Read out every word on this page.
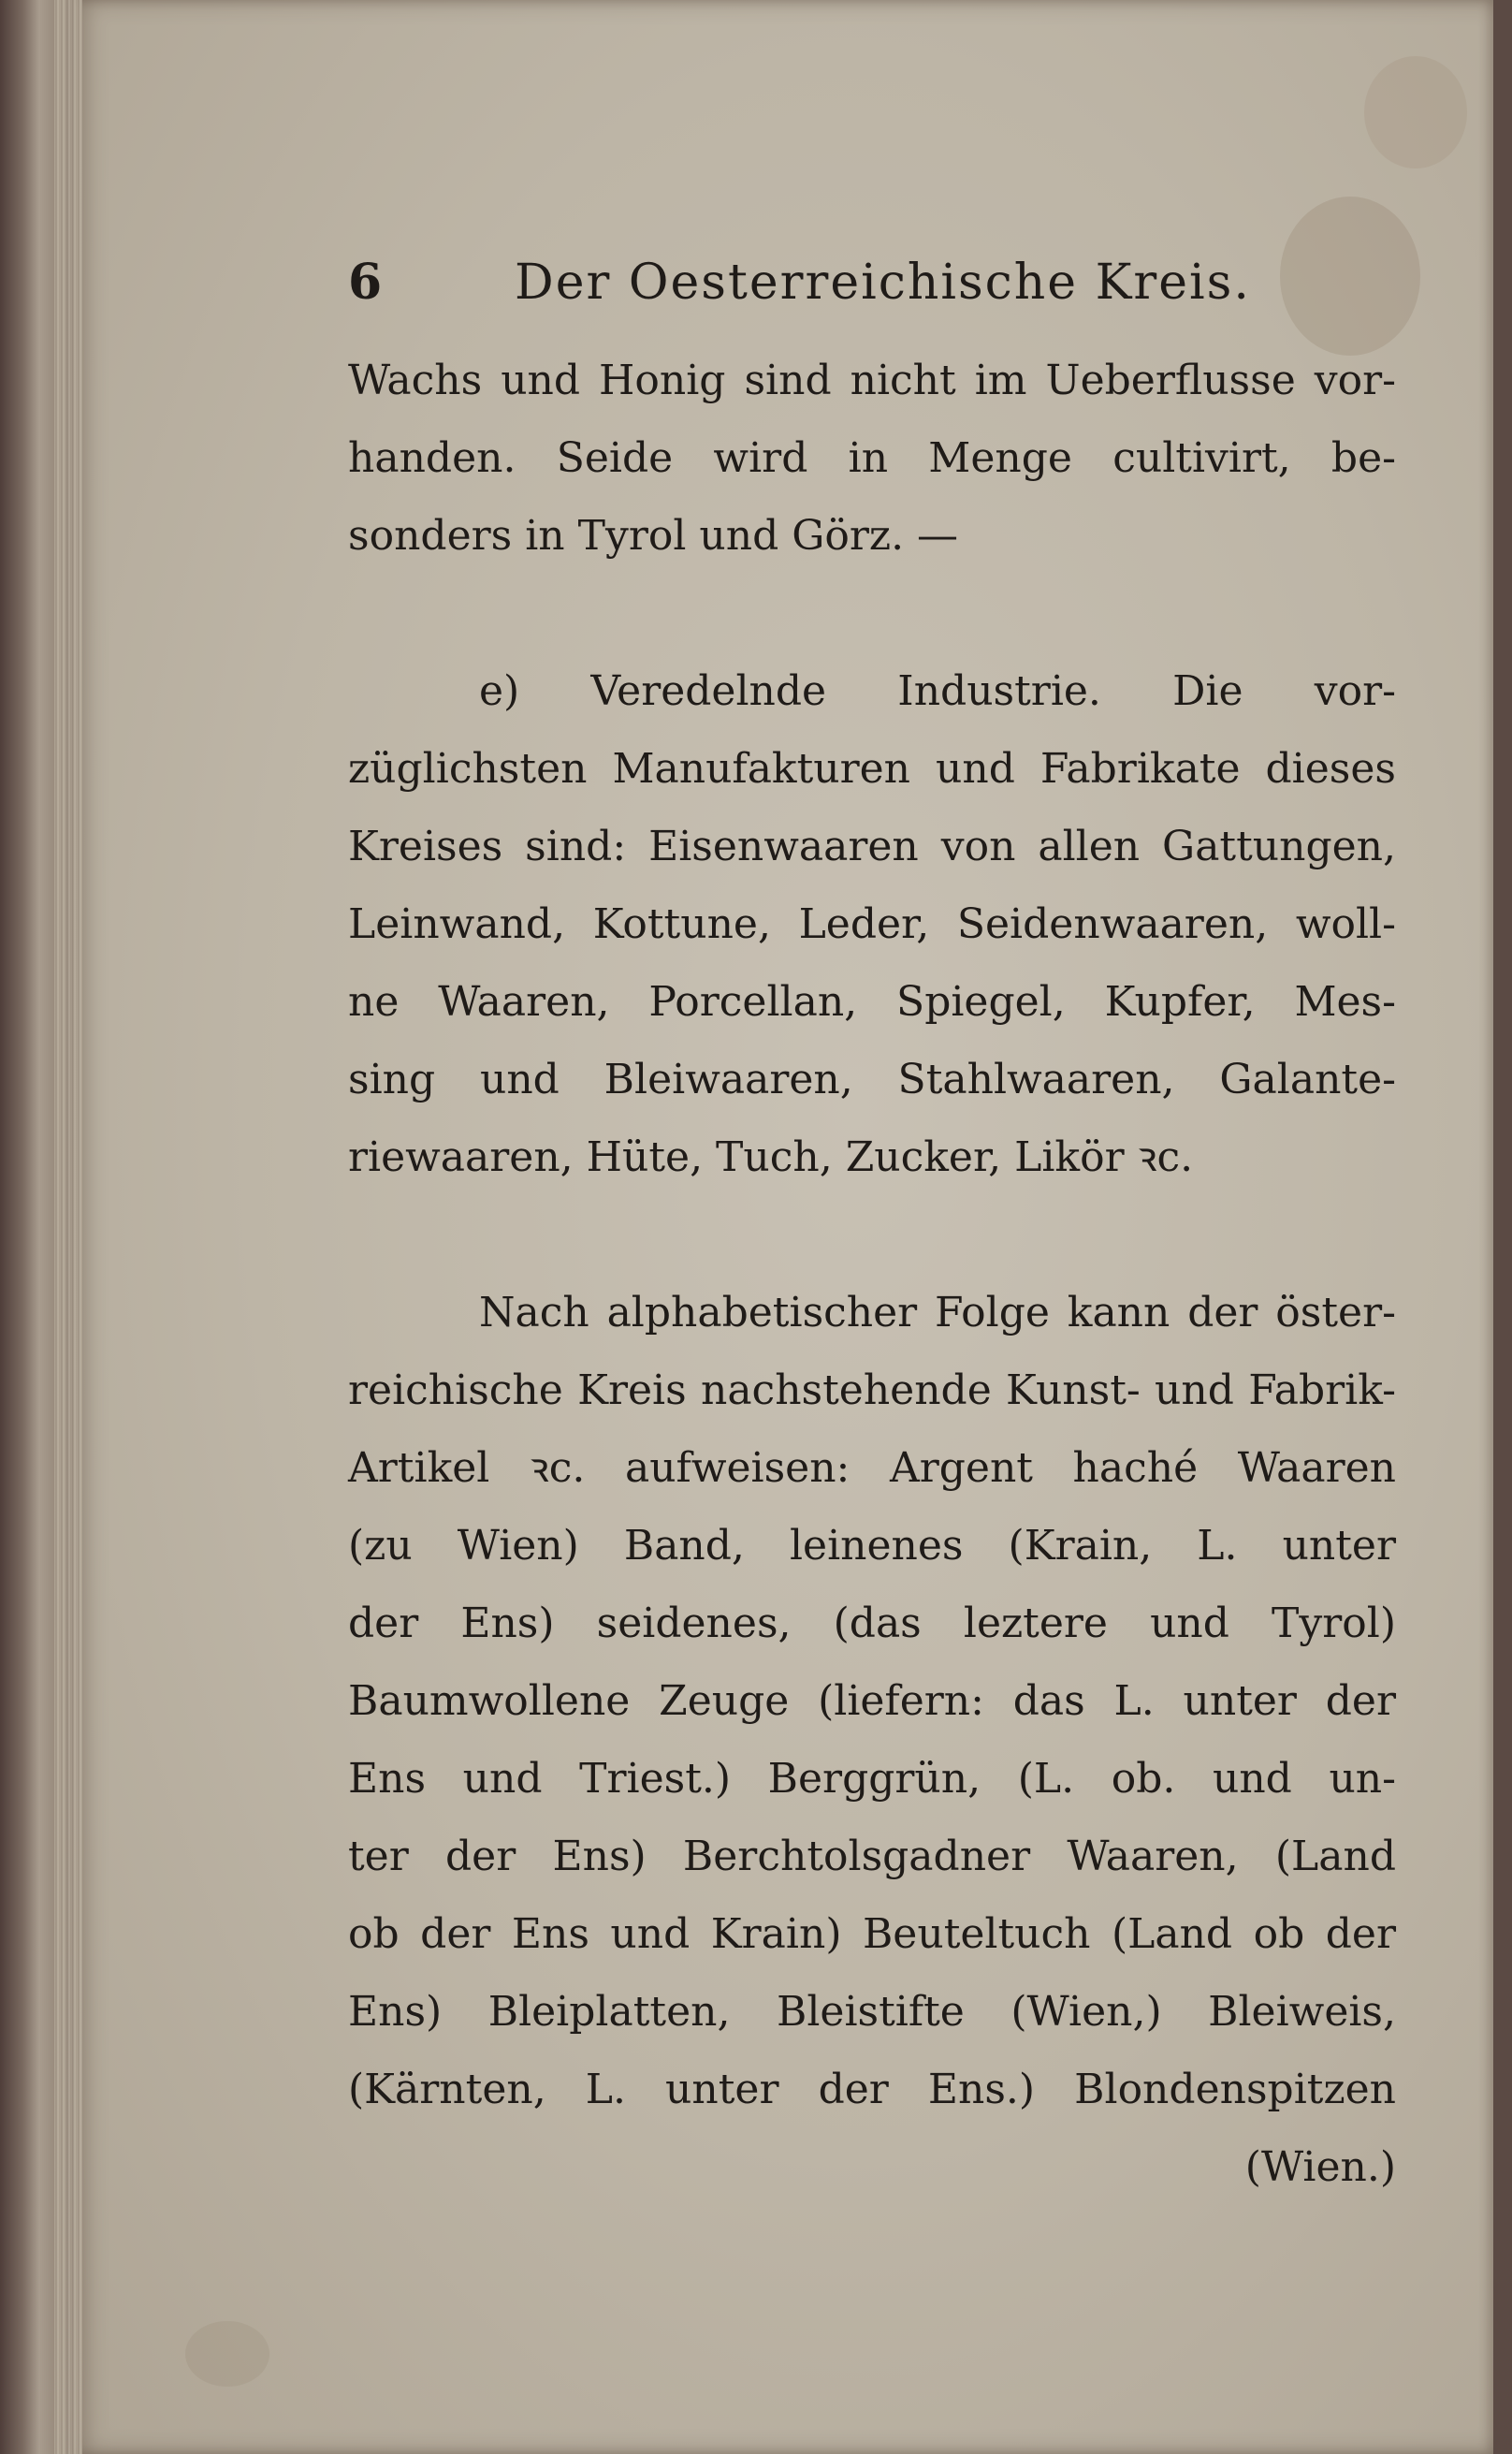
6	Der Oesterreichische Kreis.
Wachs und Honig sind nicht im Ueberflusse vor-
handen. Seide wird in Menge cultivirt, be-
sonders in Tyrol und Görz. —
e) Veredelnde Industrie. Die vor-
züglichsten Manufakturen und Fabrikate dieses
Kreises sind: Eisenwaaren von allen Gattungen,
Leinwand, Kottune, Leder, Seidenwaaren, woll-
ne Waaren, Porcellan, Spiegel, Kupfer, Mes-
sing und Bleiwaaren, Stahlwaaren, Galante-
riewaaren, Hüte, Tuch, Zucker, Likör ꝛc.
Nach alphabetischer Folge kann der öster-
reichische Kreis nachstehende Kunst- und Fabrik-
Artikel ꝛc. aufweisen: Argent haché Waaren
(zu Wien) Band, leinenes (Krain, L. unter
der Ens) seidenes, (das leztere und Tyrol)
Baumwollene Zeuge (liefern: das L. unter der
Ens und Triest.) Berggrün, (L. ob. und un-
ter der Ens) Berchtolsgadner Waaren, (Land
ob der Ens und Krain) Beuteltuch (Land ob der
Ens) Bleiplatten, Bleistifte (Wien,) Bleiweis,
(Kärnten, L. unter der Ens.) Blondenspitzen
(Wien.)
